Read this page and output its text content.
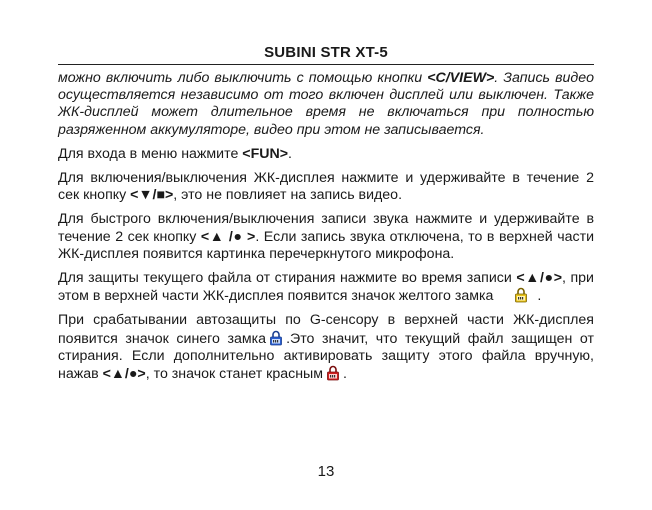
SUBINI STR XT-5

можно включить либо выключить с помощью кнопки <C/VIEW>. Запись видео осуществляется независимо от того включен дисплей или выключен. Также ЖК-дисплей может длительное время не включаться при полностью разряженном аккумуляторе, видео при этом не записывается.

Для входа в меню нажмите <FUN>.

Для включения/выключения ЖК-дисплея нажмите и удерживайте в течение 2 сек кнопку <▼/■>, это не повлияет на запись видео.

Для быстрого включения/выключения записи звука нажмите и удерживайте в течение 2 сек кнопку <▲ /● >. Если запись звука отключена, то в верхней части ЖК-дисплея появится картинка перечеркнутого микрофона.

Для защиты текущего файла от стирания нажмите во время записи <▲/●>, при этом в верхней части ЖК-дисплея появится значок желтого замка	.

При срабатывании автозащиты по G-сенсору в верхней части ЖК-дисплея появится значок синего замка .Это значит, что текущий файл защищен от стирания. Если дополнительно активировать защиту этого файла вручную, нажав <▲/●>, то значок станет красным .

13
